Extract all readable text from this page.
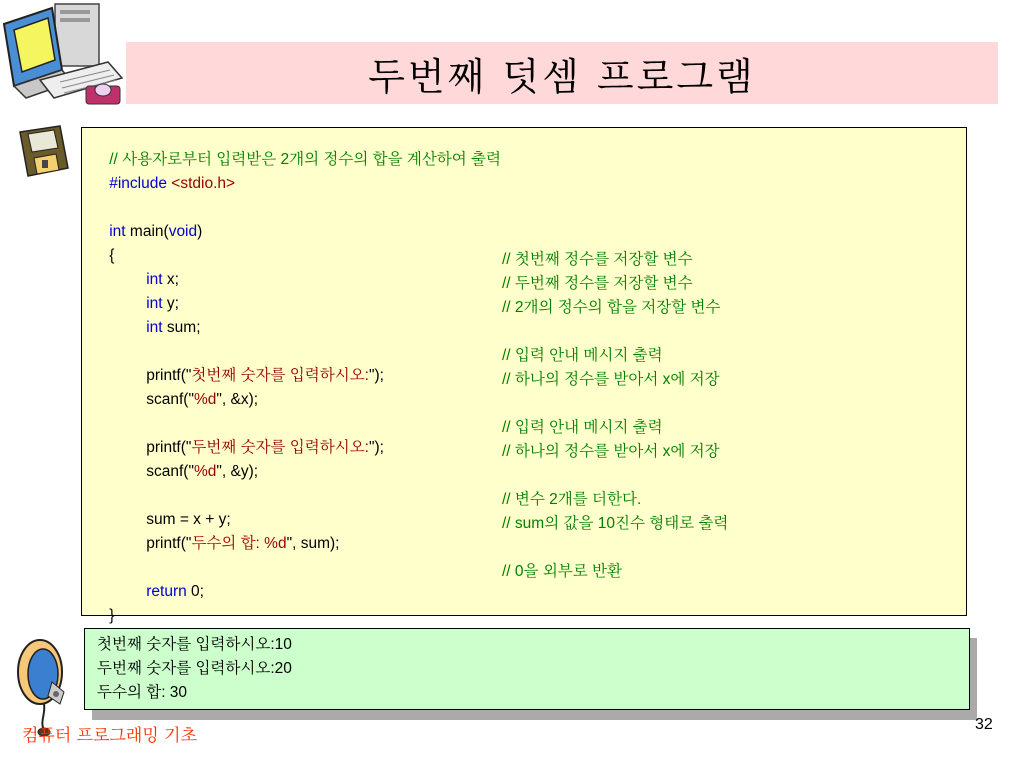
두번째 덧셈 프로그램

// 사용자로부터 입력받은 2개의 정수의 합을 계산하여 출력

#include <stdio.h>

int main(void)

{

int x;

// 첫번째 정수를 저장할 변수

int y;

// 두번째 정수를 저장할 변수

int sum;

// 2개의 정수의 합을 저장할 변수

printf("첫번째 숫자를 입력하시오:");

// 입력 안내 메시지 출력

scanf("%d", &x);

// 하나의 정수를 받아서 x에 저장

printf("두번째 숫자를 입력하시오:");

// 입력 안내 메시지 출력

scanf("%d", &y);

// 하나의 정수를 받아서 x에 저장

sum = x + y;

// 변수 2개를 더한다.

printf("두수의 합: %d", sum);

// sum의 값을 10진수 형태로 출력

return 0;

// 0을 외부로 반환

}

첫번째 숫자를 입력하시오:10
두번째 숫자를 입력하시오:20
두수의 합: 30
컴퓨터 프로그래밍 기초
32
